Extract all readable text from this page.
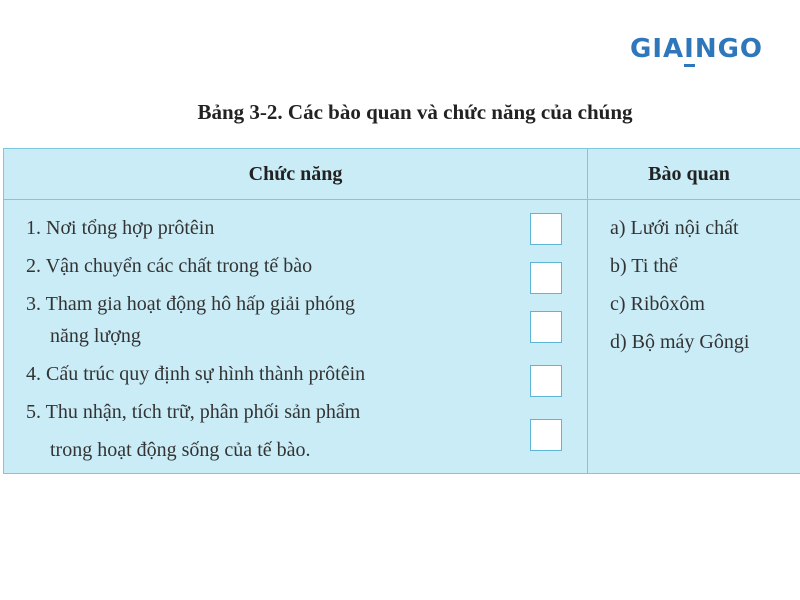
GIAINGO
Bảng 3-2. Các bào quan và chức năng của chúng
Chức năng	Bào quan
1. Nơi tổng hợp prôtêin
2. Vận chuyển các chất trong tế bào
3. Tham gia hoạt động hô hấp giải phóng
năng lượng
4. Cấu trúc quy định sự hình thành prôtêin
5. Thu nhận, tích trữ, phân phối sản phẩm
trong hoạt động sống của tế bào.
a) Lưới nội chất
b) Ti thể
c) Ribôxôm
d) Bộ máy Gôngi
